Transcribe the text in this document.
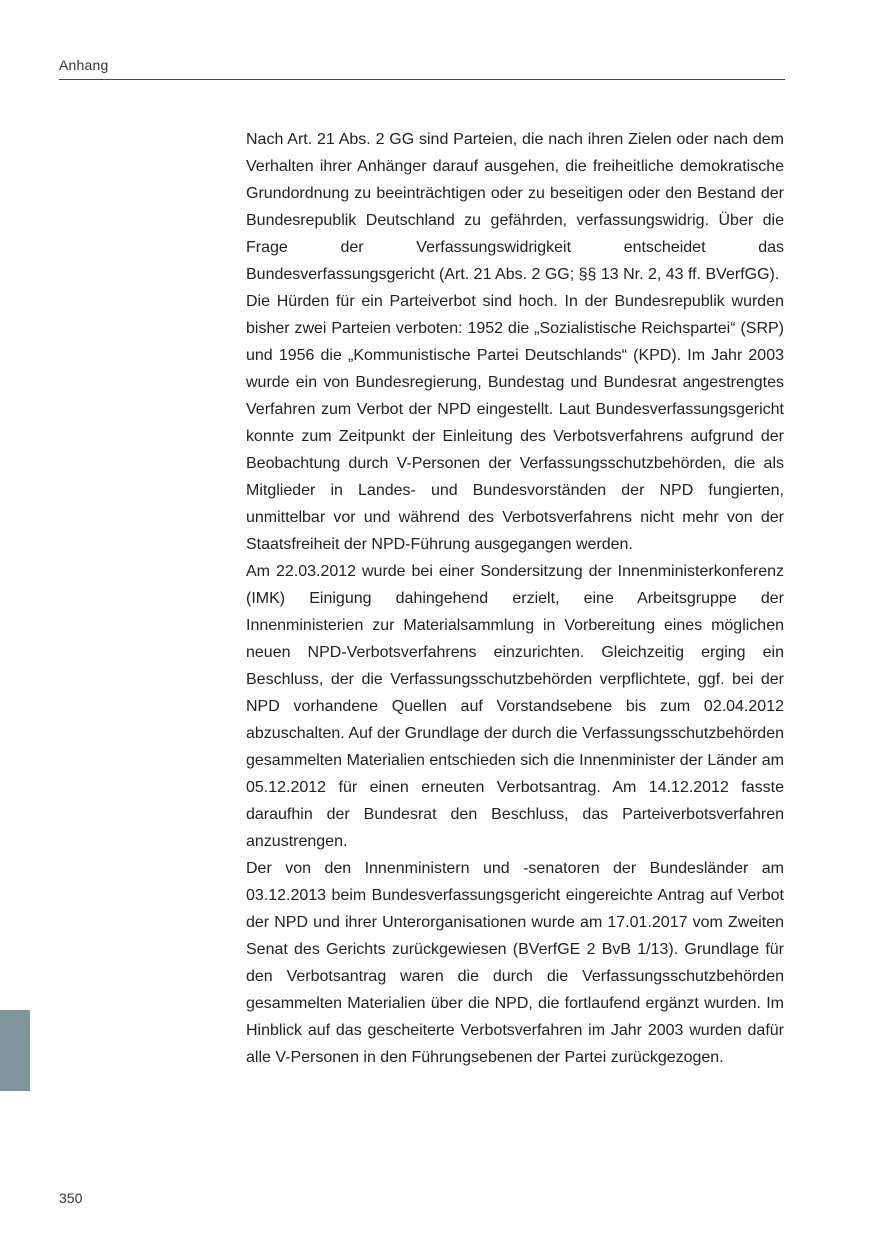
Anhang

Nach Art. 21 Abs. 2 GG sind Parteien, die nach ihren Zielen oder nach dem Verhalten ihrer Anhänger darauf ausgehen, die freiheitliche demokratische Grundordnung zu beeinträchtigen oder zu beseitigen oder den Bestand der Bundesrepublik Deutschland zu gefährden, verfassungswidrig. Über die Frage der Verfassungswidrigkeit entscheidet das Bundesverfassungsgericht (Art. 21 Abs. 2 GG; §§ 13 Nr. 2, 43 ff. BVerfGG).

Die Hürden für ein Parteiverbot sind hoch. In der Bundesrepublik wurden bisher zwei Parteien verboten: 1952 die „Sozialistische Reichspartei“ (SRP) und 1956 die „Kommunistische Partei Deutschlands“ (KPD). Im Jahr 2003 wurde ein von Bundesregierung, Bundestag und Bundesrat angestrengtes Verfahren zum Verbot der NPD eingestellt. Laut Bundesverfassungsgericht konnte zum Zeitpunkt der Einleitung des Verbotsverfahrens aufgrund der Beobachtung durch V-Personen der Verfassungsschutzbehörden, die als Mitglieder in Landes- und Bundesvorständen der NPD fungierten, unmittelbar vor und während des Verbotsverfahrens nicht mehr von der Staatsfreiheit der NPD-Führung ausgegangen werden.

Am 22.03.2012 wurde bei einer Sondersitzung der Innenministerkonferenz (IMK) Einigung dahingehend erzielt, eine Arbeitsgruppe der Innenministerien zur Materialsammlung in Vorbereitung eines möglichen neuen NPD-Verbotsverfahrens einzurichten. Gleichzeitig erging ein Beschluss, der die Verfassungsschutzbehörden verpflichtete, ggf. bei der NPD vorhandene Quellen auf Vorstandsebene bis zum 02.04.2012 abzuschalten. Auf der Grundlage der durch die Verfassungsschutzbehörden gesammelten Materialien entschieden sich die Innenminister der Länder am 05.12.2012 für einen erneuten Verbotsantrag. Am 14.12.2012 fasste daraufhin der Bundesrat den Beschluss, das Parteiverbotsverfahren anzustrengen.

Der von den Innenministern und -senatoren der Bundesländer am 03.12.2013 beim Bundesverfassungsgericht eingereichte Antrag auf Verbot der NPD und ihrer Unterorganisationen wurde am 17.01.2017 vom Zweiten Senat des Gerichts zurückgewiesen (BVerfGE 2 BvB 1/13). Grundlage für den Verbotsantrag waren die durch die Verfassungsschutzbehörden gesammelten Materialien über die NPD, die fortlaufend ergänzt wurden. Im Hinblick auf das gescheiterte Verbotsverfahren im Jahr 2003 wurden dafür alle V-Personen in den Führungsebenen der Partei zurückgezogen.

350
